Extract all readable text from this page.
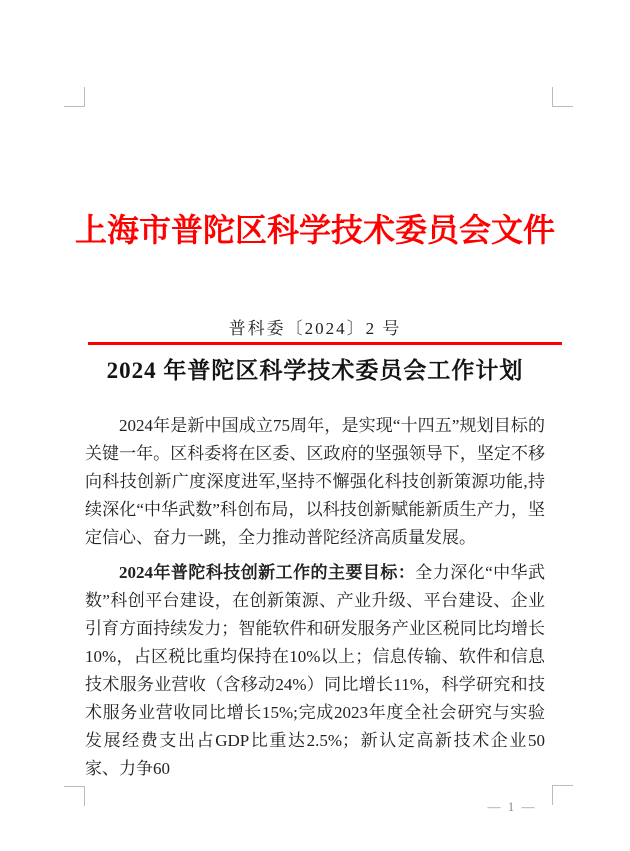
上海市普陀区科学技术委员会文件
普科委〔2024〕2 号
2024 年普陀区科学技术委员会工作计划

2024年是新中国成立75周年，是实现“十四五”规划目标的关键一年。区科委将在区委、区政府的坚强领导下，坚定不移向科技创新广度深度进军,坚持不懈强化科技创新策源功能,持续深化“中华武数”科创布局，以科技创新赋能新质生产力，坚定信心、奋力一跳，全力推动普陀经济高质量发展。

2024年普陀科技创新工作的主要目标：全力深化“中华武数”科创平台建设，在创新策源、产业升级、平台建设、企业引育方面持续发力；智能软件和研发服务产业区税同比均增长10%，占区税比重均保持在10%以上；信息传输、软件和信息技术服务业营收（含移动24%）同比增长11%，科学研究和技术服务业营收同比增长15%;完成2023年度全社会研究与实验发展经费支出占GDP比重达2.5%；新认定高新技术企业50家、力争60

— 1 —
